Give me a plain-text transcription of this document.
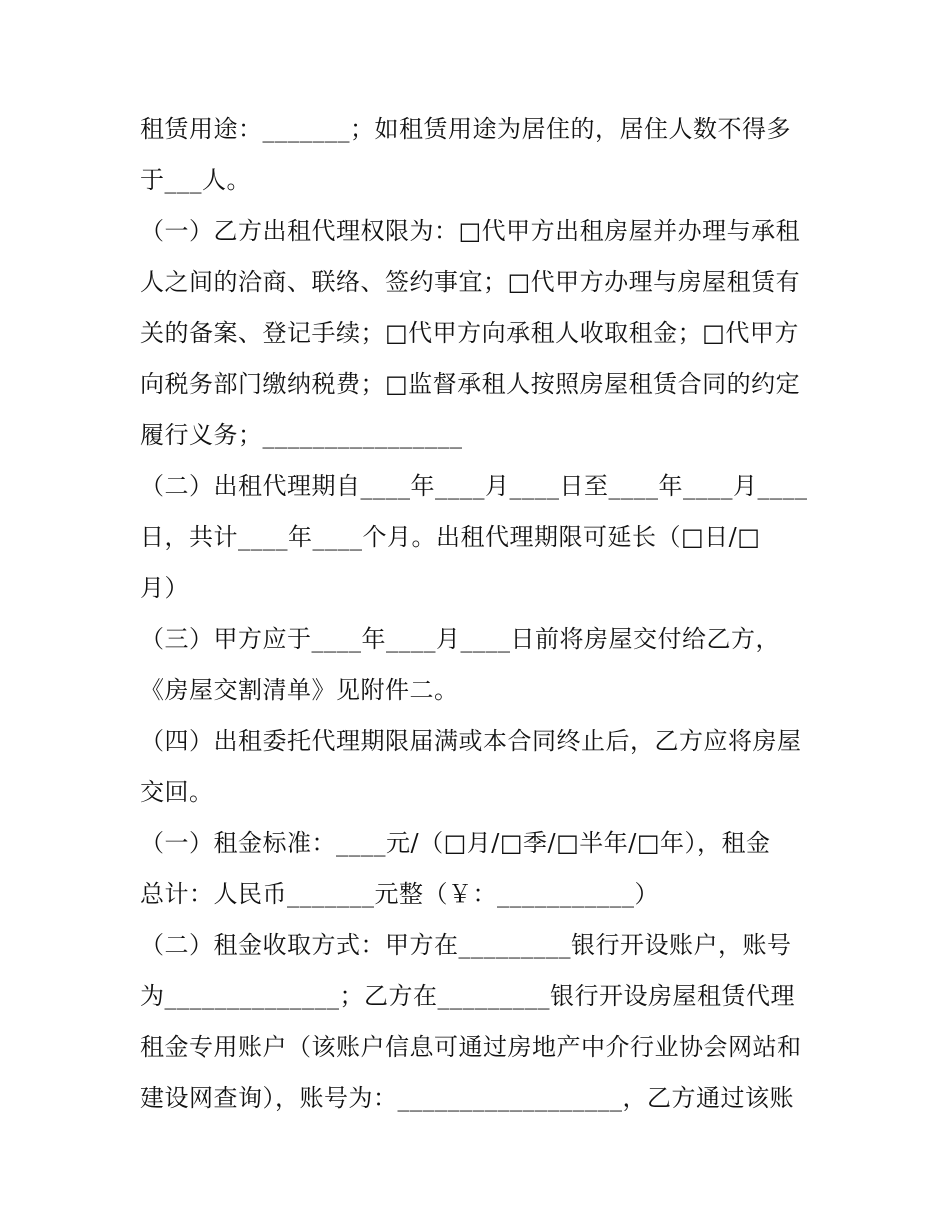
租赁用途：_______；如租赁用途为居住的，居住人数不得多
于___人。
（一）乙方出租代理权限为：□代甲方出租房屋并办理与承租
人之间的洽商、联络、签约事宜；□代甲方办理与房屋租赁有
关的备案、登记手续；□代甲方向承租人收取租金；□代甲方
向税务部门缴纳税费；□监督承租人按照房屋租赁合同的约定
履行义务；________________
（二）出租代理期自____年____月____日至____年____月____
日，共计____年____个月。出租代理期限可延长（□日/□
月）
（三）甲方应于____年____月____日前将房屋交付给乙方，
《房屋交割清单》见附件二。
（四）出租委托代理期限届满或本合同终止后，乙方应将房屋
交回。
（一）租金标准：____元/（□月/□季/□半年/□年），租金
总计：人民币_______元整（￥：___________）
（二）租金收取方式：甲方在_________银行开设账户，账号
为______________；乙方在_________银行开设房屋租赁代理
租金专用账户（该账户信息可通过房地产中介行业协会网站和
建设网查询），账号为：__________________，乙方通过该账
